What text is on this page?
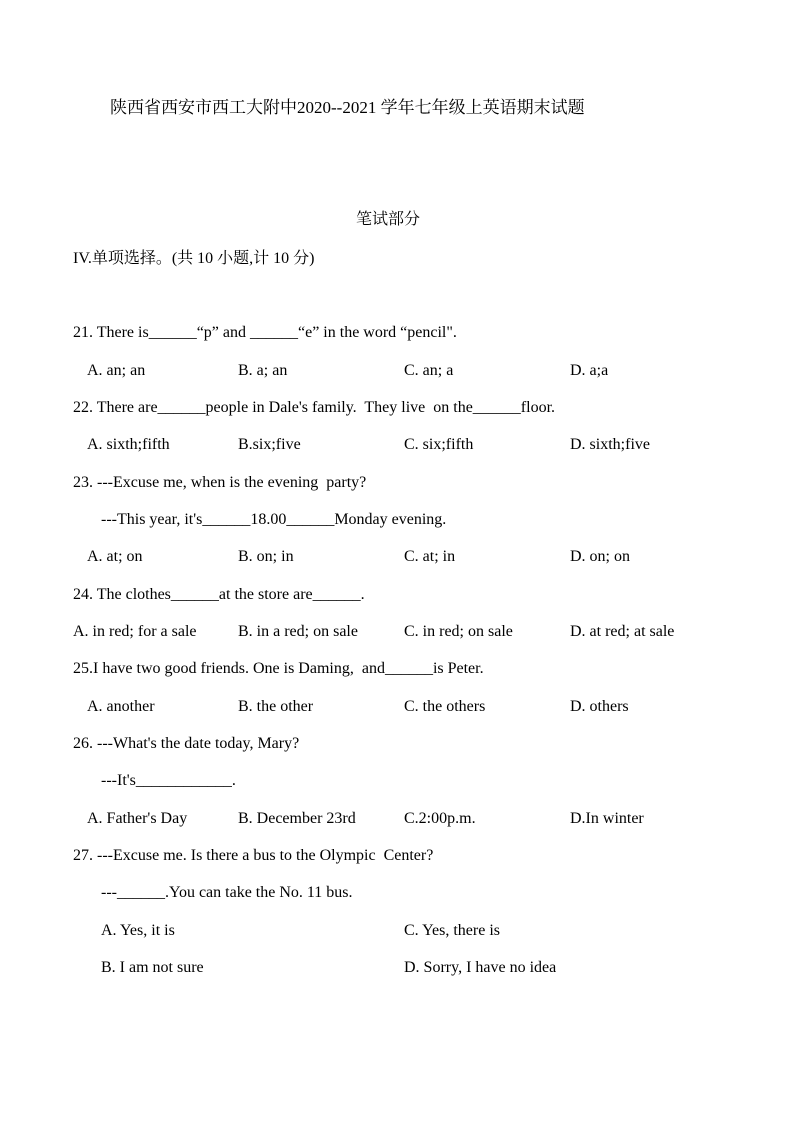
陕西省西安市西工大附中2020--2021 学年七年级上英语期末试题
笔试部分
IV.单项选择。(共 10 小题,计 10 分)
21. There is______“p” and ______“e” in the word “pencil".
A. an; an	B. a; an	C. an; a	D. a;a
22. There are______people in Dale's family.  They live  on the______floor.
A. sixth;fifth	B.six;five	C. six;fifth	D. sixth;five
23. ---Excuse me, when is the evening  party?
---This year, it's______18.00______Monday evening.
A. at; on	B. on; in	C. at; in	D. on; on
24. The clothes______at the store are______.
A. in red; for a sale	B. in a red; on sale	C. in red; on sale	D. at red; at sale
25.I have two good friends. One is Daming,  and______is Peter.
A. another	B. the other	C. the others	D. others
26. ---What's the date today, Mary?
---It's____________.
A. Father's Day	B. December 23rd	C.2:00p.m.	D.In winter
27. ---Excuse me. Is there a bus to the Olympic  Center?
---______.You can take the No. 11 bus.
A. Yes, it is	C. Yes, there is
B. I am not sure	D. Sorry, I have no idea
